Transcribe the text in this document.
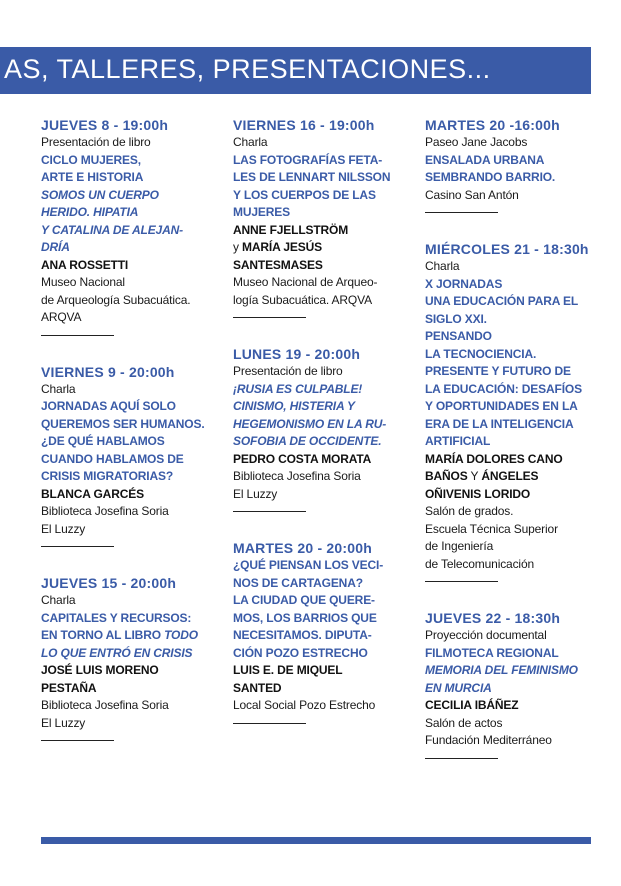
AS, TALLERES, PRESENTACIONES...
JUEVES 8 - 19:00h
Presentación de libro
CICLO MUJERES,
ARTE E HISTORIA
SOMOS UN CUERPO
HERIDO. HIPATIA
Y CATALINA DE ALEJAN-
DRÍA
ANA ROSSETTI
Museo Nacional
de Arqueología Subacuática.
ARQVA
VIERNES 9 - 20:00h
Charla
JORNADAS AQUÍ SOLO
QUEREMOS SER HUMANOS.
¿DE QUÉ HABLAMOS
CUANDO HABLAMOS DE
CRISIS MIGRATORIAS?
BLANCA GARCÉS
Biblioteca Josefina Soria
El Luzzy
JUEVES 15 - 20:00h
Charla
CAPITALES Y RECURSOS:
EN TORNO AL LIBRO TODO
LO QUE ENTRÓ EN CRISIS
JOSÉ LUIS MORENO
PESTAÑA
Biblioteca Josefina Soria
El Luzzy
VIERNES 16 - 19:00h
Charla
LAS FOTOGRAFÍAS FETA-
LES DE LENNART NILSSON
Y LOS CUERPOS DE LAS
MUJERES
ANNE FJELLSTRÖM
y MARÍA JESÚS
SANTESMASES
Museo Nacional de Arqueo-
logía Subacuática. ARQVA
LUNES 19 - 20:00h
Presentación de libro
¡RUSIA ES CULPABLE!
CINISMO, HISTERIA Y
HEGEMONISMO EN LA RU-
SOFOBIA DE OCCIDENTE.
PEDRO COSTA MORATA
Biblioteca Josefina Soria
El Luzzy
MARTES 20 - 20:00h
¿QUÉ PIENSAN LOS VECI-
NOS DE CARTAGENA?
LA CIUDAD QUE QUERE-
MOS, LOS BARRIOS QUE
NECESITAMOS. DIPUTA-
CIÓN POZO ESTRECHO
LUIS E. DE MIQUEL
SANTED
Local Social Pozo Estrecho
MARTES 20 -16:00h
Paseo Jane Jacobs
ENSALADA URBANA
SEMBRANDO BARRIO.
Casino San Antón
MIÉRCOLES 21 - 18:30h
Charla
X JORNADAS
UNA EDUCACIÓN PARA EL
SIGLO XXI.
PENSANDO
LA TECNOCIENCIA.
PRESENTE Y FUTURO DE
LA EDUCACIÓN: DESAFÍOS
Y OPORTUNIDADES EN LA
ERA DE LA INTELIGENCIA
ARTIFICIAL
MARÍA DOLORES CANO
BAÑOS Y ÁNGELES
OÑIVENIS LORIDO
Salón de grados.
Escuela Técnica Superior
de Ingeniería
de Telecomunicación
JUEVES 22 - 18:30h
Proyección documental
FILMOTECA REGIONAL
MEMORIA DEL FEMINISMO
EN MURCIA
CECILIA IBÁÑEZ
Salón de actos
Fundación Mediterráneo
